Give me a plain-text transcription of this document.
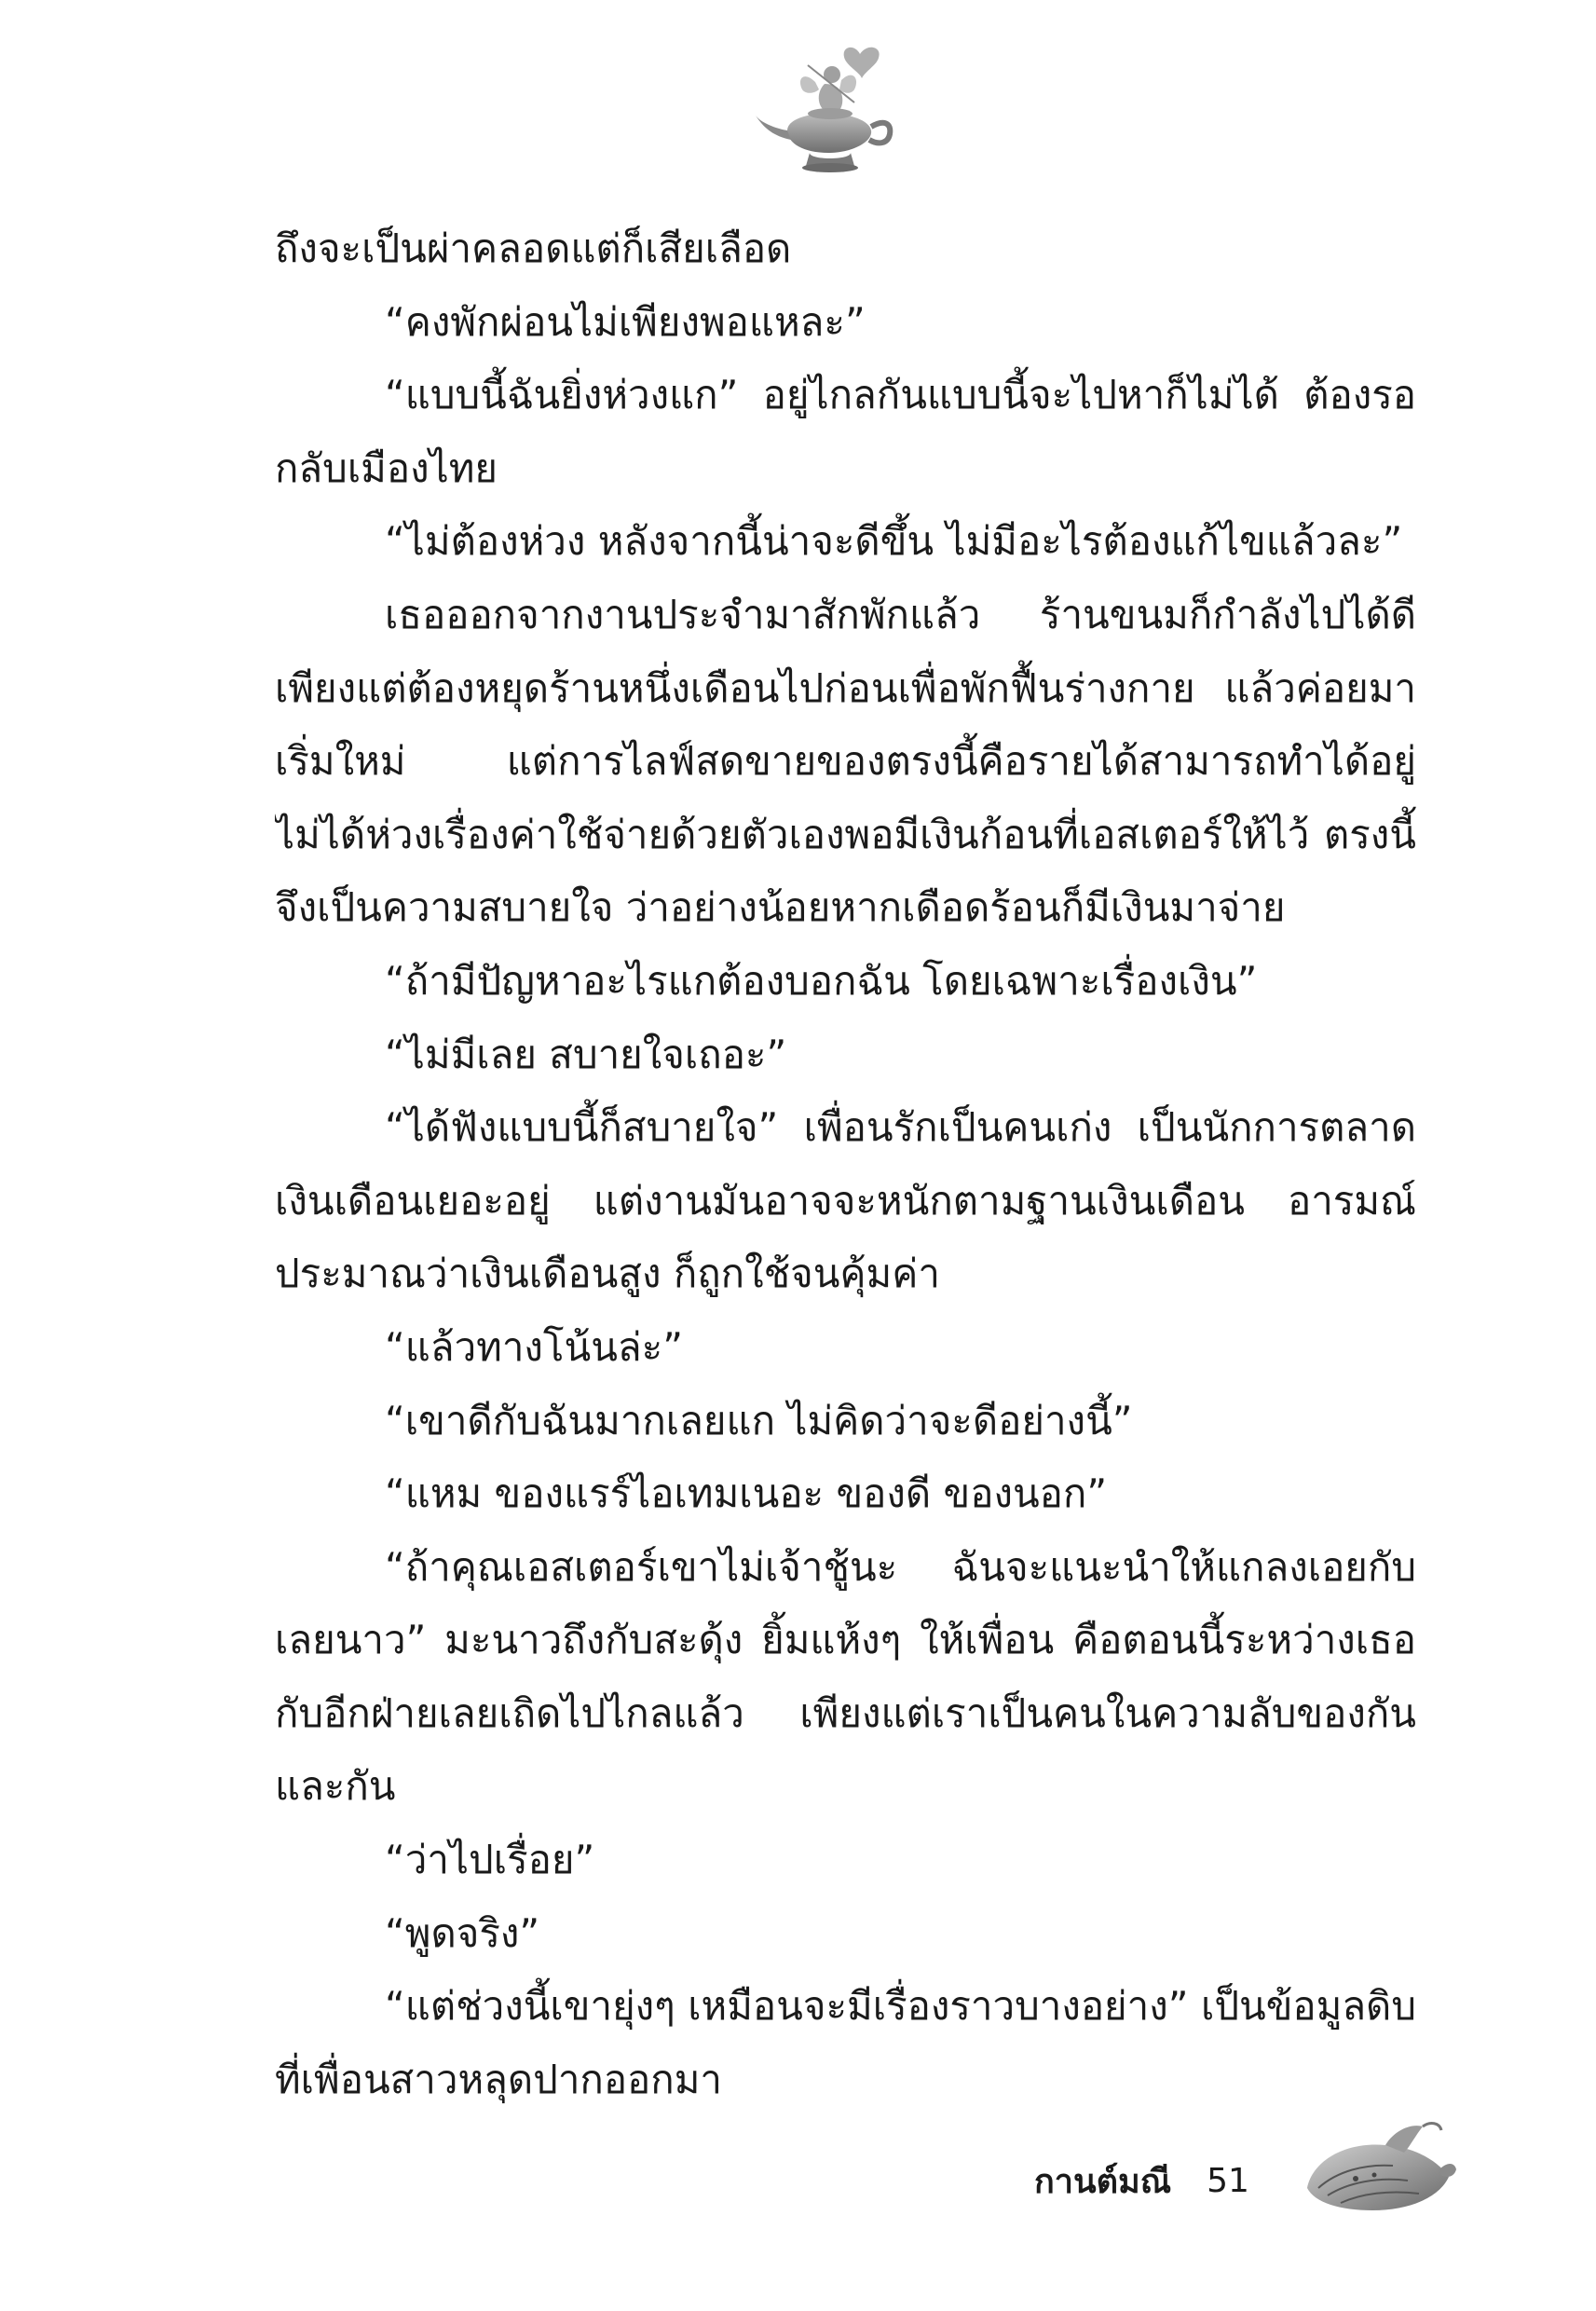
ถึงจะเป็นผ่าคลอดแต่ก็เสียเลือด
“คงพักผ่อนไม่เพียงพอแหละ”
“แบบนี้ฉันยิ่งห่วงแก” อยู่ไกลกันแบบนี้จะไปหาก็ไม่ได้ ต้องรอ
กลับเมืองไทย
“ไม่ต้องห่วง หลังจากนี้น่าจะดีขึ้น ไม่มีอะไรต้องแก้ไขแล้วละ”
เธอออกจากงานประจำมาสักพักแล้ว ร้านขนมก็กำลังไปได้ดี
เพียงแต่ต้องหยุดร้านหนึ่งเดือนไปก่อนเพื่อพักฟื้นร่างกาย แล้วค่อยมา
เริ่มใหม่ แต่การไลฟ์สดขายของตรงนี้คือรายได้สามารถทำได้อยู่
ไม่ได้ห่วงเรื่องค่าใช้จ่ายด้วยตัวเองพอมีเงินก้อนที่เอสเตอร์ให้ไว้ ตรงนี้
จึงเป็นความสบายใจ ว่าอย่างน้อยหากเดือดร้อนก็มีเงินมาจ่าย
“ถ้ามีปัญหาอะไรแกต้องบอกฉัน โดยเฉพาะเรื่องเงิน”
“ไม่มีเลย สบายใจเถอะ”
“ได้ฟังแบบนี้ก็สบายใจ” เพื่อนรักเป็นคนเก่ง เป็นนักการตลาด
เงินเดือนเยอะอยู่ แต่งานมันอาจจะหนักตามฐานเงินเดือน อารมณ์
ประมาณว่าเงินเดือนสูง ก็ถูกใช้จนคุ้มค่า
“แล้วทางโน้นล่ะ”
“เขาดีกับฉันมากเลยแก ไม่คิดว่าจะดีอย่างนี้”
“แหม ของแรร์ไอเทมเนอะ ของดี ของนอก”
“ถ้าคุณเอสเตอร์เขาไม่เจ้าชู้นะ ฉันจะแนะนำให้แกลงเอยกับ
เลยนาว” มะนาวถึงกับสะดุ้ง ยิ้มแห้งๆ ให้เพื่อน คือตอนนี้ระหว่างเธอ
กับอีกฝ่ายเลยเถิดไปไกลแล้ว เพียงแต่เราเป็นคนในความลับของกัน
และกัน
“ว่าไปเรื่อย”
“พูดจริง”
“แต่ช่วงนี้เขายุ่งๆ เหมือนจะมีเรื่องราวบางอย่าง” เป็นข้อมูลดิบ
ที่เพื่อนสาวหลุดปากออกมา
กานต์มณี 51
